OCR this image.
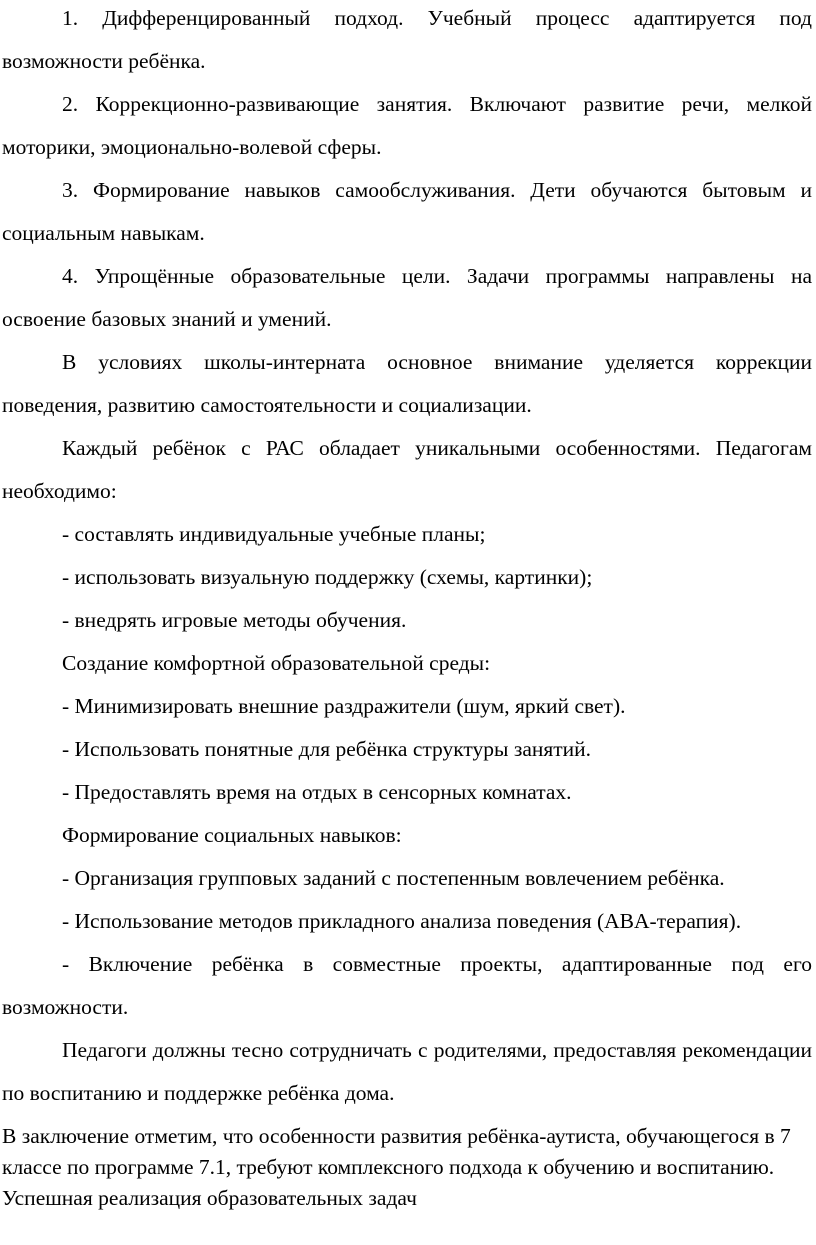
1. Дифференцированный подход. Учебный процесс адаптируется под возможности ребёнка.

2. Коррекционно-развивающие занятия. Включают развитие речи, мелкой моторики, эмоционально-волевой сферы.

3. Формирование навыков самообслуживания. Дети обучаются бытовым и социальным навыкам.

4. Упрощённые образовательные цели. Задачи программы направлены на освоение базовых знаний и умений.

В условиях школы-интерната основное внимание уделяется коррекции поведения, развитию самостоятельности и социализации.

Каждый ребёнок с РАС обладает уникальными особенностями. Педагогам необходимо:

- составлять индивидуальные учебные планы;

- использовать визуальную поддержку (схемы, картинки);

- внедрять игровые методы обучения.

Создание комфортной образовательной среды:

- Минимизировать внешние раздражители (шум, яркий свет).

- Использовать понятные для ребёнка структуры занятий.

- Предоставлять время на отдых в сенсорных комнатах.

Формирование социальных навыков:

- Организация групповых заданий с постепенным вовлечением ребёнка.

- Использование методов прикладного анализа поведения (ABA-терапия).

- Включение ребёнка в совместные проекты, адаптированные под его возможности.

Педагоги должны тесно сотрудничать с родителями, предоставляя рекомендации по воспитанию и поддержке ребёнка дома.

В заключение отметим, что особенности развития ребёнка-аутиста, обучающегося в 7 классе по программе 7.1, требуют комплексного подхода к обучению и воспитанию. Успешная реализация образовательных задач
